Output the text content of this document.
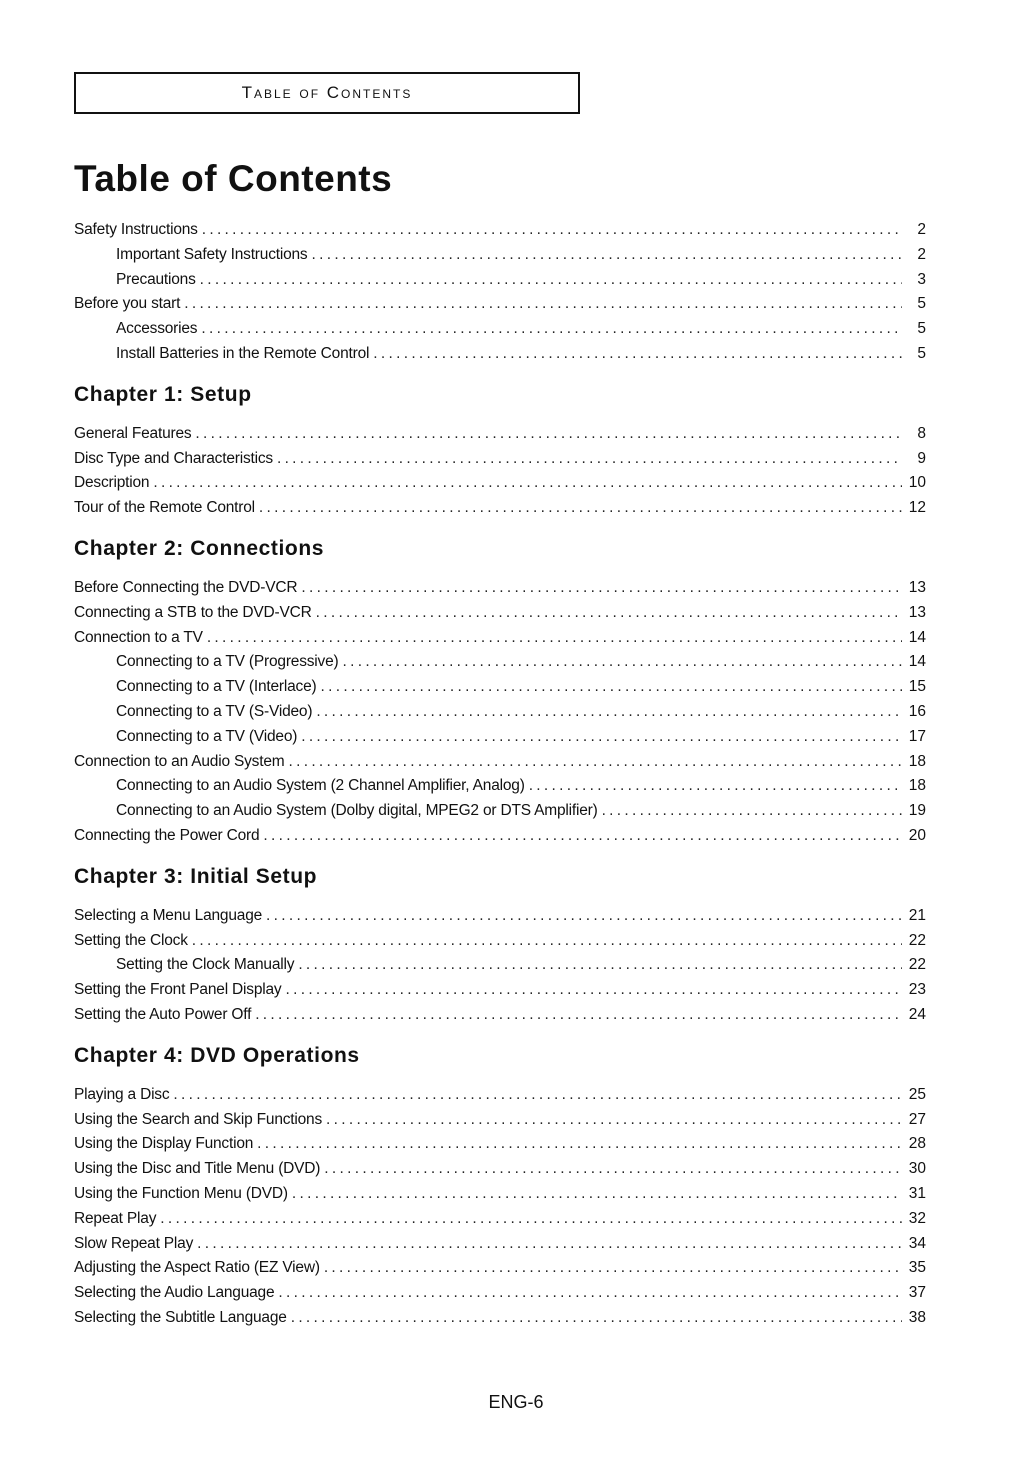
Table of Contents
Table of Contents
Safety Instructions . . .	2
Important Safety Instructions . . .	2
Precautions . . .	3
Before you start . . .	5
Accessories . . .	5
Install Batteries in the Remote Control . . .	5
Chapter 1: Setup
General Features . . .	8
Disc Type and Characteristics . . .	9
Description . . .	10
Tour of the Remote Control . . .	12
Chapter 2: Connections
Before Connecting the DVD-VCR . . .	13
Connecting a STB to the DVD-VCR . . .	13
Connection to a TV . . .	14
Connecting to a TV (Progressive) . . .	14
Connecting to a TV (Interlace) . . .	15
Connecting to a TV (S-Video) . . .	16
Connecting to a TV (Video) . . .	17
Connection to an Audio System . . .	18
Connecting to an Audio System (2 Channel Amplifier, Analog) . . .	18
Connecting to an Audio System (Dolby digital, MPEG2 or DTS Amplifier) . . .	19
Connecting the Power Cord . . .	20
Chapter 3: Initial Setup
Selecting a Menu Language . . .	21
Setting the Clock . . .	22
Setting the Clock Manually . . .	22
Setting the Front Panel Display . . .	23
Setting the Auto Power Off . . .	24
Chapter 4: DVD Operations
Playing a Disc . . .	25
Using the Search and Skip Functions . . .	27
Using the Display Function . . .	28
Using the Disc and Title Menu (DVD) . . .	30
Using the Function Menu (DVD) . . .	31
Repeat Play . . .	32
Slow Repeat Play . . .	34
Adjusting the Aspect Ratio (EZ View) . . .	35
Selecting the Audio Language . . .	37
Selecting the Subtitle Language . . .	38
ENG-6
